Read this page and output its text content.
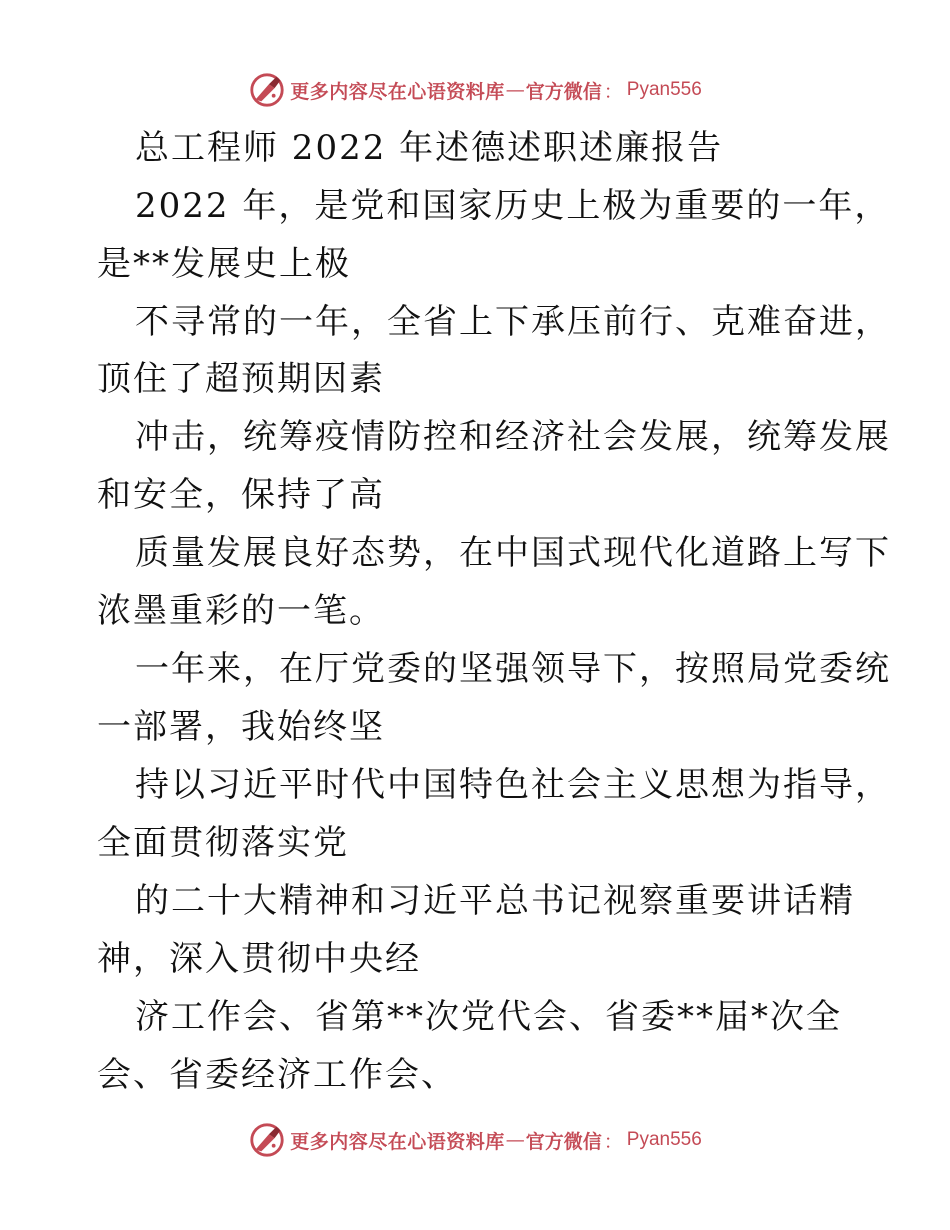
更多内容尽在心语资料库 — 官方微信 ： Pyan556
总工程师 2022 年述德述职述廉报告
2022 年，是党和国家历史上极为重要的一年，
是**发展史上极
不寻常的一年，全省上下承压前行、克难奋进，
顶住了超预期因素
冲击，统筹疫情防控和经济社会发展，统筹发展
和安全，保持了高
质量发展良好态势，在中国式现代化道路上写下
浓墨重彩的一笔。
一年来，在厅党委的坚强领导下，按照局党委统
一部署，我始终坚
持以习近平时代中国特色社会主义思想为指导，
全面贯彻落实党
的二十大精神和习近平总书记视察重要讲话精
神，深入贯彻中央经
济工作会、省第**次党代会、省委**届*次全
会、省委经济工作会、
更多内容尽在心语资料库 — 官方微信 ： Pyan556
